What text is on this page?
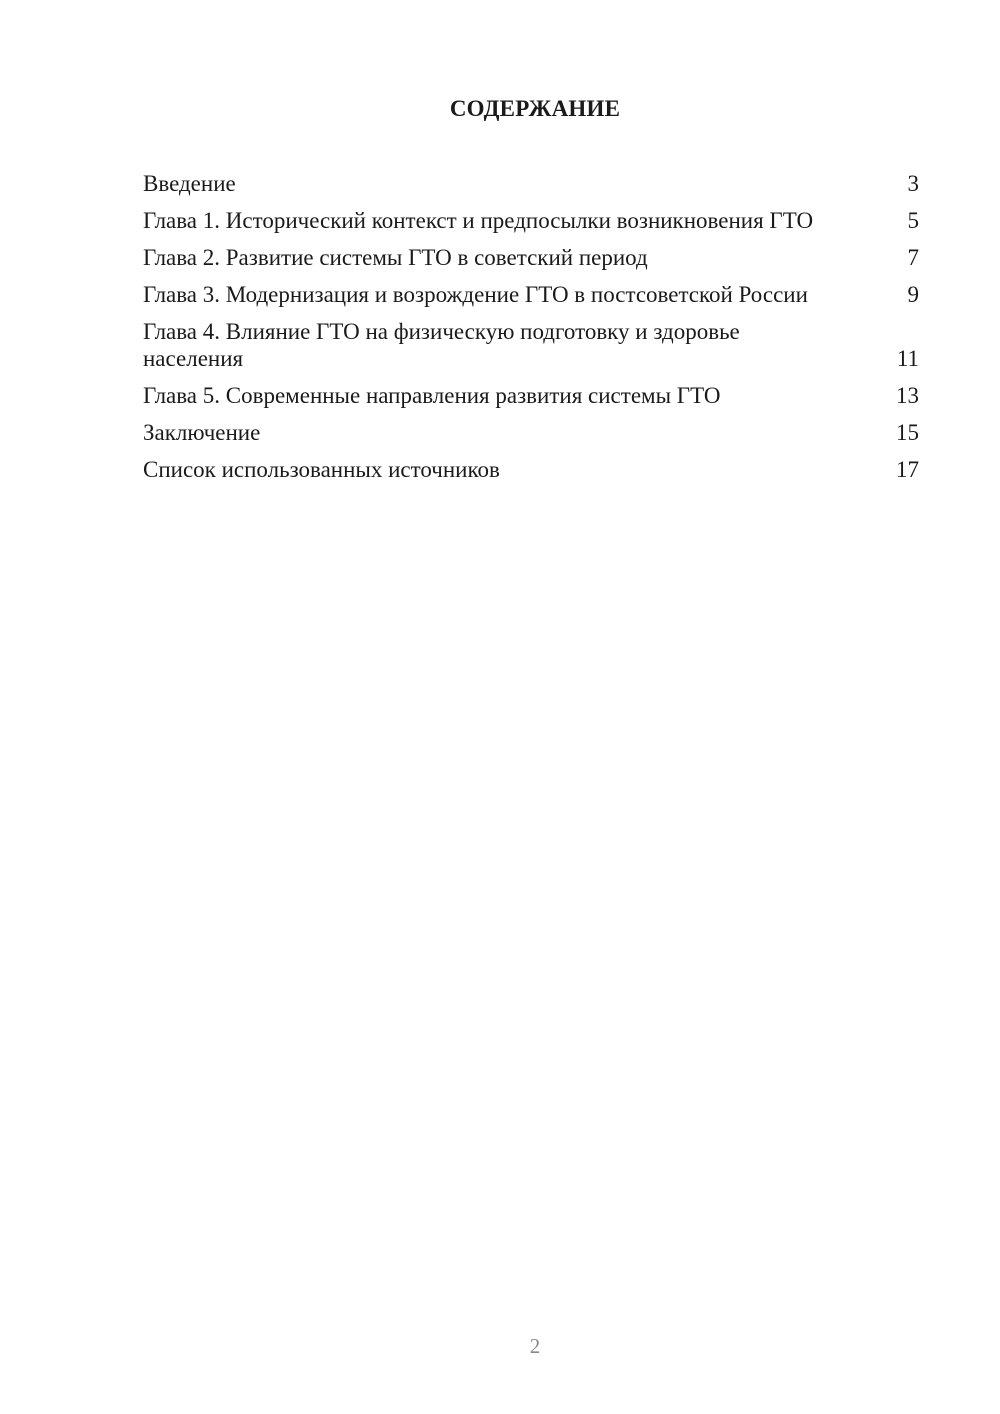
СОДЕРЖАНИЕ
Введение	3
Глава 1. Исторический контекст и предпосылки возникновения ГТО	5
Глава 2. Развитие системы ГТО в советский период	7
Глава 3. Модернизация и возрождение ГТО в постсоветской России	9
Глава 4. Влияние ГТО на физическую подготовку и здоровье населения	11
Глава 5. Современные направления развития системы ГТО	13
Заключение	15
Список использованных источников	17
2
